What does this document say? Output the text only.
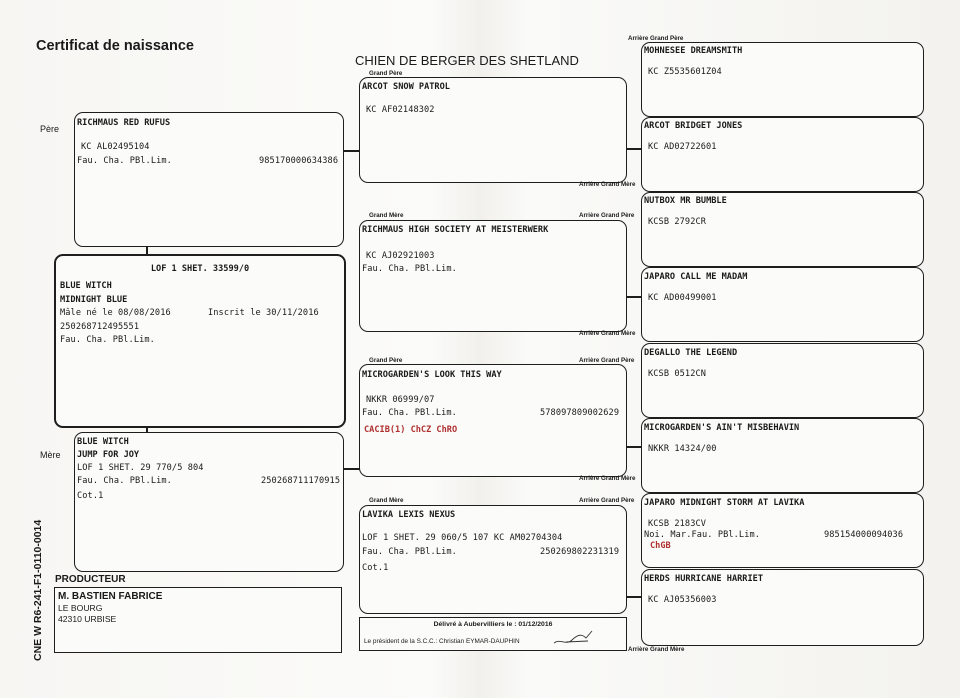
Certificat de naissance
CHIEN DE BERGER DES SHETLAND
Père
Mère
CNE W R6-241-F1-0110-0014
RICHMAUS RED RUFUS
KC AL02495104
Fau. Cha. PBl.Lim.	985170000634386
LOF 1 SHET. 33599/0
BLUE WITCH
MIDNIGHT BLUE
Mâle né le 08/08/2016	Inscrit le 30/11/2016
250268712495551
Fau. Cha. PBl.Lim.
BLUE WITCH
JUMP FOR JOY
LOF 1 SHET. 29 770/5 804
Fau. Cha. PBl.Lim.	250268711170915
Cot.1
Grand Père
ARCOT SNOW PATROL
KC AF02148302
Grand Mère
RICHMAUS HIGH SOCIETY AT MEISTERWERK
KC AJ02921003
Fau. Cha. PBl.Lim.
Grand Père
MICROGARDEN'S LOOK THIS WAY
NKKR 06999/07
Fau. Cha. PBl.Lim.	578097809002629
CACIB(1) ChCZ ChRO
Grand Mère
LAVIKA LEXIS NEXUS
LOF 1 SHET. 29 060/5 107 KC AM02704304
Fau. Cha. PBl.Lim.	250269802231319
Cot.1
Arrière Grand Père
Arrière Grand Mère
Arrière Grand Père
Arrière Grand Mère
Arrière Grand Père
Arrière Grand Mère
Arrière Grand Père
Arrière Grand Mère
MOHNESEE DREAMSMITH
KC Z5535601Z04
ARCOT BRIDGET JONES
KC AD02722601
NUTBOX MR BUMBLE
KCSB 2792CR
JAPARO CALL ME MADAM
KC AD00499001
DEGALLO THE LEGEND
KCSB 0512CN
MICROGARDEN'S AIN'T MISBEHAVIN
NKKR 14324/00
JAPARO MIDNIGHT STORM AT LAVIKA
KCSB 2183CV
Noi. Mar.Fau. PBl.Lim.	985154000094036
ChGB
HERDS HURRICANE HARRIET
KC AJ05356003
PRODUCTEUR
M. BASTIEN FABRICE
LE BOURG
42310 URBISE
Délivré à Aubervilliers le : 01/12/2016
Le président de la S.C.C.: Christian EYMAR-DAUPHIN
